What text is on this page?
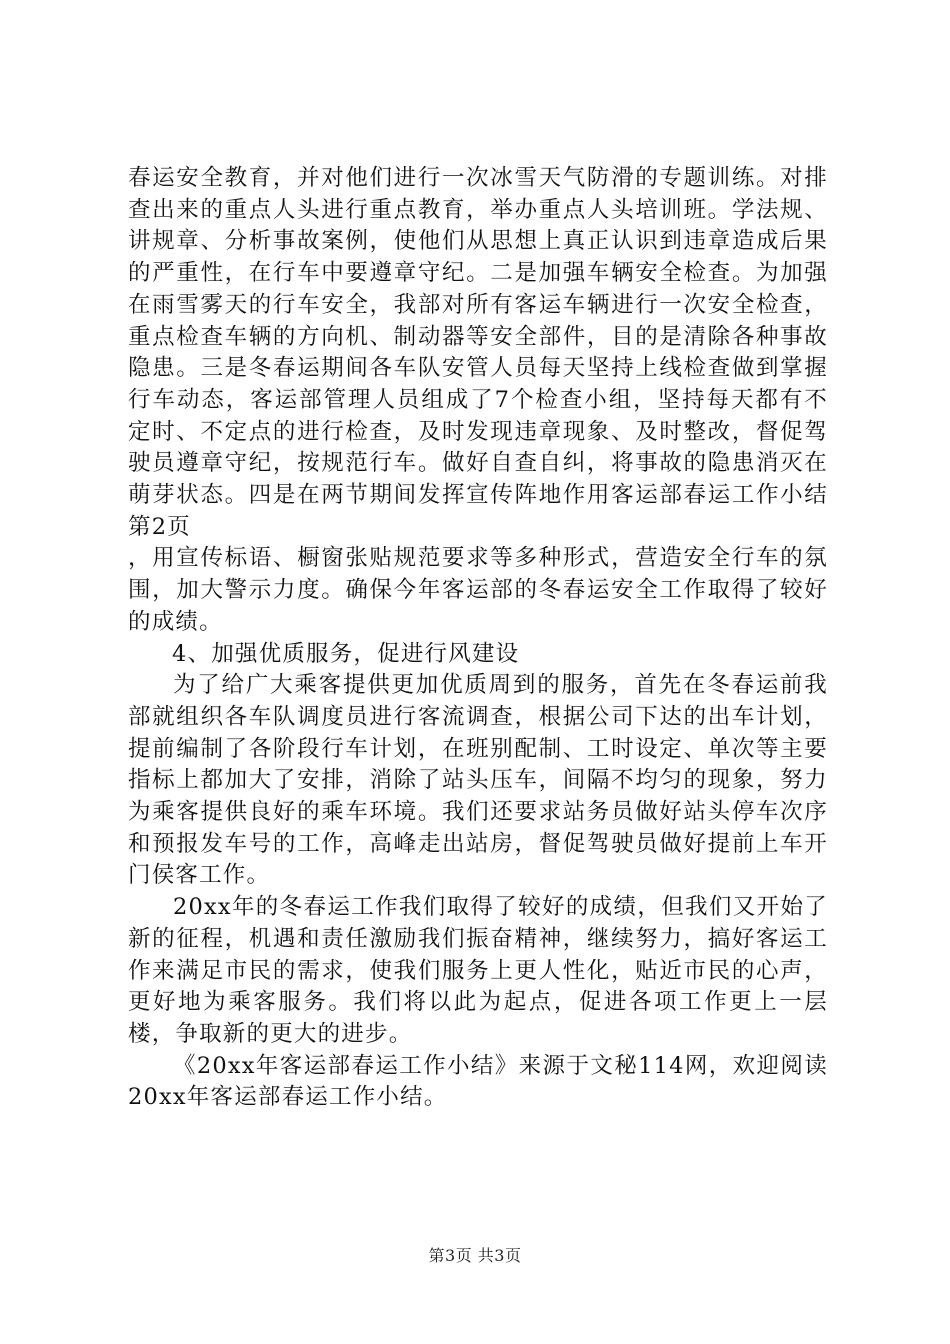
春运安全教育，并对他们进行一次冰雪天气防滑的专题训练。对排查出来的重点人头进行重点教育，举办重点人头培训班。学法规、讲规章、分析事故案例，使他们从思想上真正认识到违章造成后果的严重性，在行车中要遵章守纪。二是加强车辆安全检查。为加强在雨雪雾天的行车安全，我部对所有客运车辆进行一次安全检查，重点检查车辆的方向机、制动器等安全部件，目的是清除各种事故隐患。三是冬春运期间各车队安管人员每天坚持上线检查做到掌握行车动态，客运部管理人员组成了7个检查小组，坚持每天都有不定时、不定点的进行检查，及时发现违章现象、及时整改，督促驾驶员遵章守纪，按规范行车。做好自查自纠，将事故的隐患消灭在萌芽状态。四是在两节期间发挥宣传阵地作用客运部春运工作小结第2页

，用宣传标语、橱窗张贴规范要求等多种形式，营造安全行车的氛围，加大警示力度。确保今年客运部的冬春运安全工作取得了较好的成绩。

4、加强优质服务，促进行风建设

为了给广大乘客提供更加优质周到的服务，首先在冬春运前我部就组织各车队调度员进行客流调查，根据公司下达的出车计划，提前编制了各阶段行车计划，在班别配制、工时设定、单次等主要指标上都加大了安排，消除了站头压车，间隔不均匀的现象，努力为乘客提供良好的乘车环境。我们还要求站务员做好站头停车次序和预报发车号的工作，高峰走出站房，督促驾驶员做好提前上车开门侯客工作。

20xx年的冬春运工作我们取得了较好的成绩，但我们又开始了新的征程，机遇和责任激励我们振奋精神，继续努力，搞好客运工作来满足市民的需求，使我们服务上更人性化，贴近市民的心声，更好地为乘客服务。我们将以此为起点，促进各项工作更上一层楼，争取新的更大的进步。

《20xx年客运部春运工作小结》来源于文秘114网，欢迎阅读20xx年客运部春运工作小结。

第3页 共3页
